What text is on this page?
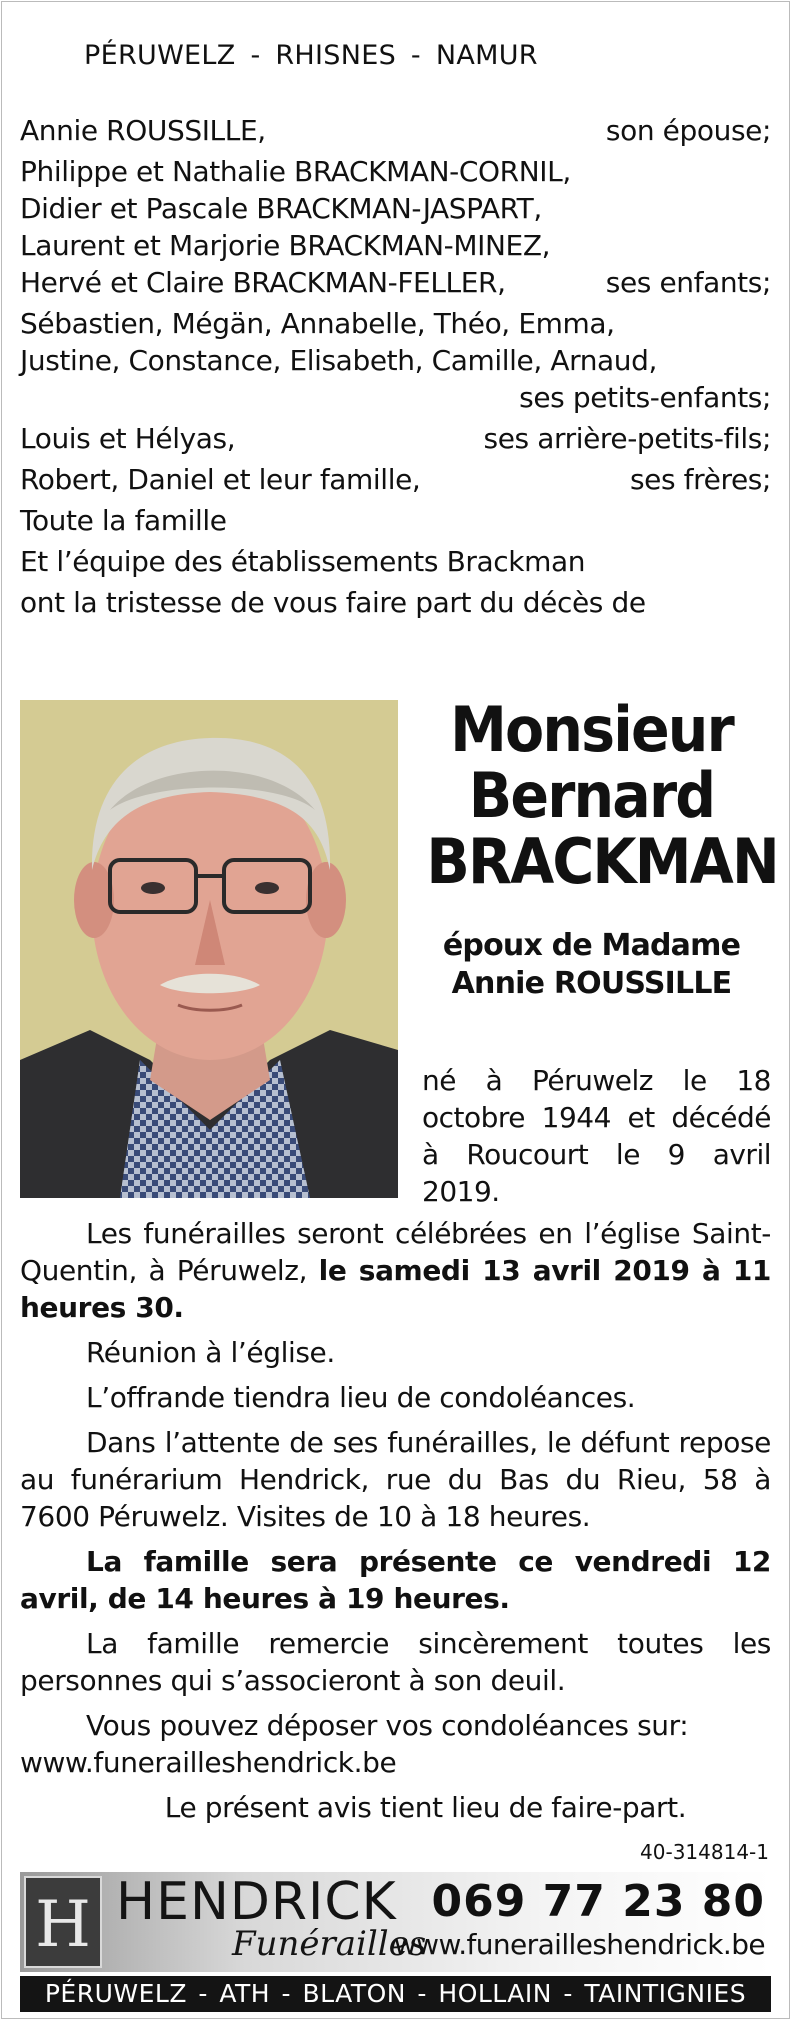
PÉRUWELZ - RHISNES - NAMUR
Annie ROUSSILLE,	son épouse;
Philippe et Nathalie BRACKMAN-CORNIL,
Didier et Pascale BRACKMAN-JASPART,
Laurent et Marjorie BRACKMAN-MINEZ,
Hervé et Claire BRACKMAN-FELLER,	ses enfants;
Sébastien, Mégän, Annabelle, Théo, Emma,
Justine, Constance, Elisabeth, Camille, Arnaud,
ses petits-enfants;
Louis et Hélyas,	ses arrière-petits-fils;
Robert, Daniel et leur famille,	ses frères;
Toute la famille
Et l’équipe des établissements Brackman
ont la tristesse de vous faire part du décès de
Monsieur
Bernard
BRACKMAN
époux de Madame
Annie ROUSSILLE
né à Péruwelz le 18 octobre 1944 et décédé à Roucourt le 9 avril 2019.

Les funérailles seront célébrées en l’église Saint-Quentin, à Péruwelz, le samedi 13 avril 2019 à 11 heures 30.

Réunion à l’église.

L’offrande tiendra lieu de condoléances.

Dans l’attente de ses funérailles, le défunt repose au funérarium Hendrick, rue du Bas du Rieu, 58 à 7600 Péruwelz. Visites de 10 à 18 heures.

La famille sera présente ce vendredi 12 avril, de 14 heures à 19 heures.

La famille remercie sincèrement toutes les personnes qui s’associeront à son deuil.

Vous pouvez déposer vos condoléances sur:

www.funerailleshendrick.be
Le présent avis tient lieu de faire-part.
40-314814-1
H HENDRICK
Funérailles
069 77 23 80
www.funerailleshendrick.be
PÉRUWELZ - ATH - BLATON - HOLLAIN - TAINTIGNIES
